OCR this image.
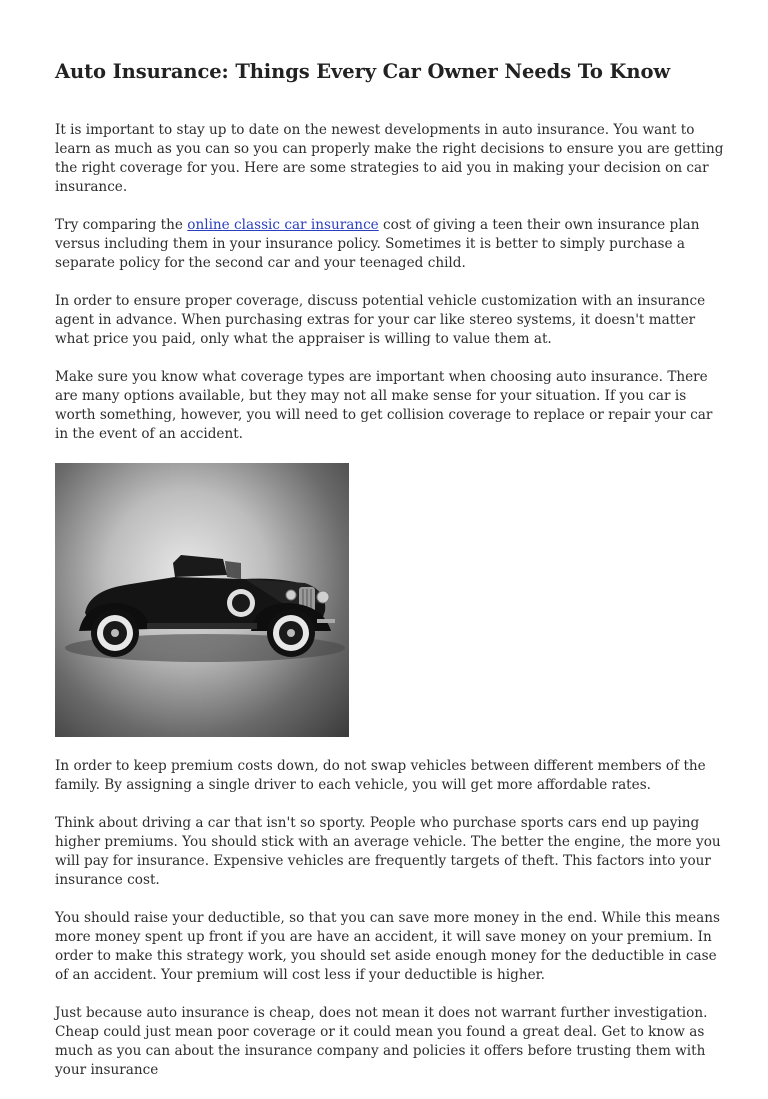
Auto Insurance: Things Every Car Owner Needs To Know

It is important to stay up to date on the newest developments in auto insurance. You want to learn as much as you can so you can properly make the right decisions to ensure you are getting the right coverage for you. Here are some strategies to aid you in making your decision on car insurance.

Try comparing the online classic car insurance cost of giving a teen their own insurance plan versus including them in your insurance policy. Sometimes it is better to simply purchase a separate policy for the second car and your teenaged child.

In order to ensure proper coverage, discuss potential vehicle customization with an insurance agent in advance. When purchasing extras for your car like stereo systems, it doesn't matter what price you paid, only what the appraiser is willing to value them at.

Make sure you know what coverage types are important when choosing auto insurance. There are many options available, but they may not all make sense for your situation. If you car is worth something, however, you will need to get collision coverage to replace or repair your car in the event of an accident.

In order to keep premium costs down, do not swap vehicles between different members of the family. By assigning a single driver to each vehicle, you will get more affordable rates.

Think about driving a car that isn't so sporty. People who purchase sports cars end up paying higher premiums. You should stick with an average vehicle. The better the engine, the more you will pay for insurance. Expensive vehicles are frequently targets of theft. This factors into your insurance cost.

You should raise your deductible, so that you can save more money in the end. While this means more money spent up front if you are have an accident, it will save money on your premium. In order to make this strategy work, you should set aside enough money for the deductible in case of an accident. Your premium will cost less if your deductible is higher.

Just because auto insurance is cheap, does not mean it does not warrant further investigation. Cheap could just mean poor coverage or it could mean you found a great deal. Get to know as much as you can about the insurance company and policies it offers before trusting them with your insurance
